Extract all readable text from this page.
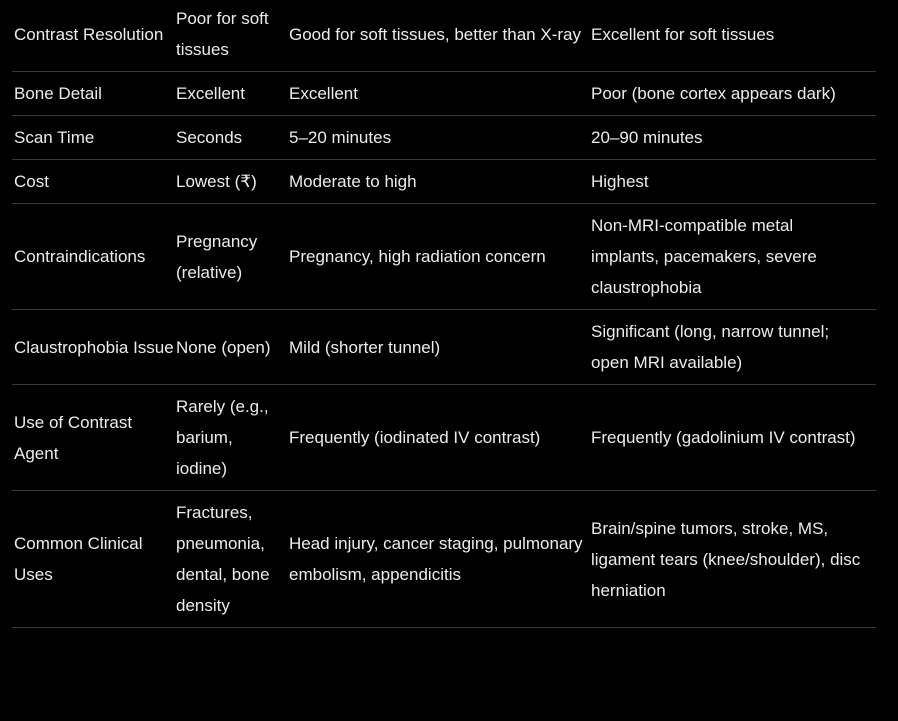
Contrast Resolution	Poor for soft tissues	Good for soft tissues, better than X-ray	Excellent for soft tissues

Bone Detail	Excellent	Excellent	Poor (bone cortex appears dark)

Scan Time	Seconds	5–20 minutes	20–90 minutes

Cost	Lowest (₹)	Moderate to high	Highest

Contraindications	Pregnancy (relative)	Pregnancy, high radiation concern	Non-MRI-compatible metal
implants, pacemakers, severe
claustrophobia

Claustrophobia Issue	None (open)	Mild (shorter tunnel)	Significant (long, narrow tunnel;
open MRI available)

Use of Contrast Agent	Rarely (e.g., barium, iodine)	Frequently (iodinated IV contrast)	Frequently (gadolinium IV contrast)

Common Clinical Uses	Fractures, pneumonia, dental, bone density	Head injury, cancer staging, pulmonary embolism, appendicitis	Brain/spine tumors, stroke, MS,
ligament tears (knee/shoulder), disc
herniation
